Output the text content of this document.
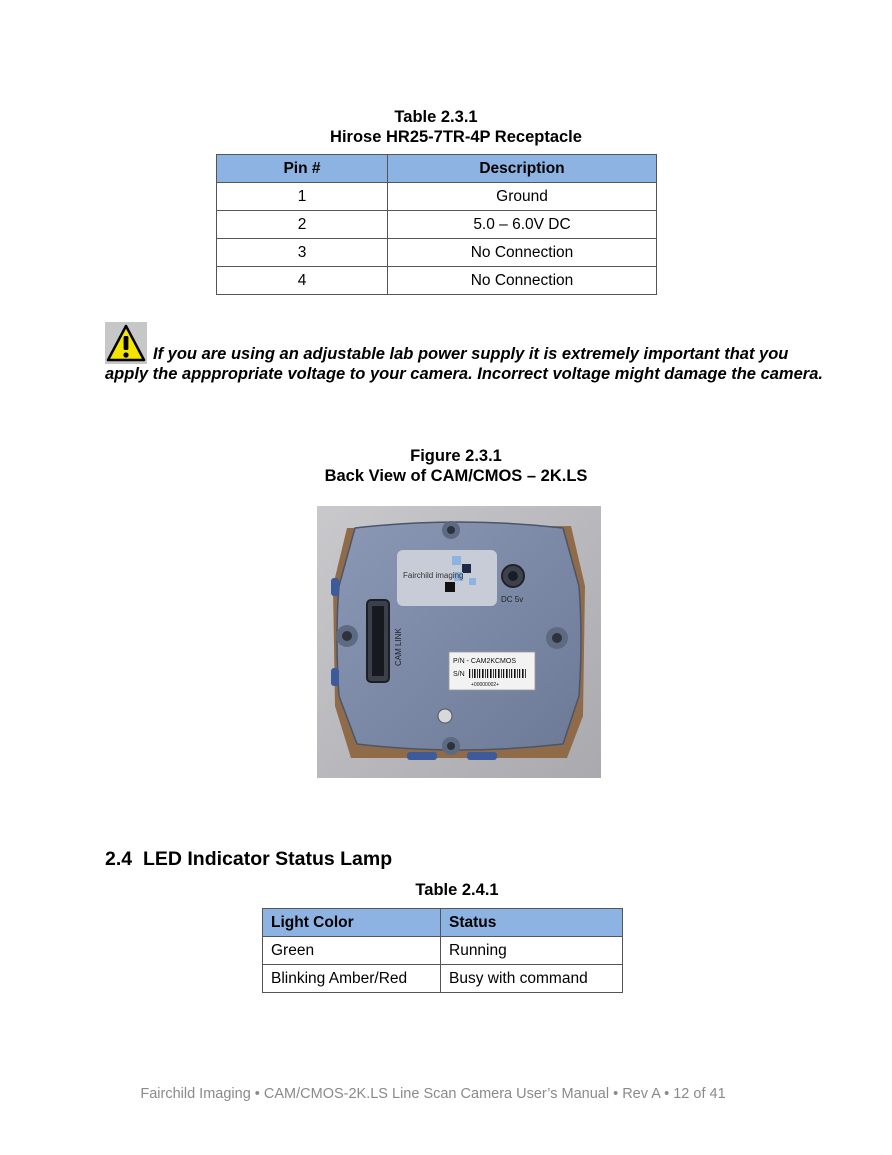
Table 2.3.1
Hirose HR25-7TR-4P Receptacle
Pin #	Description
1	Ground
2	5.0 – 6.0V DC
3	No Connection
4	No Connection
If you are using an adjustable lab power supply it is extremely important that you apply the apppropriate voltage to your camera. Incorrect voltage might damage the camera.
Figure 2.3.1
Back View of CAM/CMOS – 2K.LS
Fairchild imaging
DC 5v
CAM LINK	P/N - CAM2KCMOS
S/N
+00000002+
2.4 LED Indicator Status Lamp
Table 2.4.1
Light Color	Status
Green	Running
Blinking Amber/Red	Busy with command
Fairchild Imaging • CAM/CMOS-2K.LS Line Scan Camera User’s Manual • Rev A • 12 of 41
